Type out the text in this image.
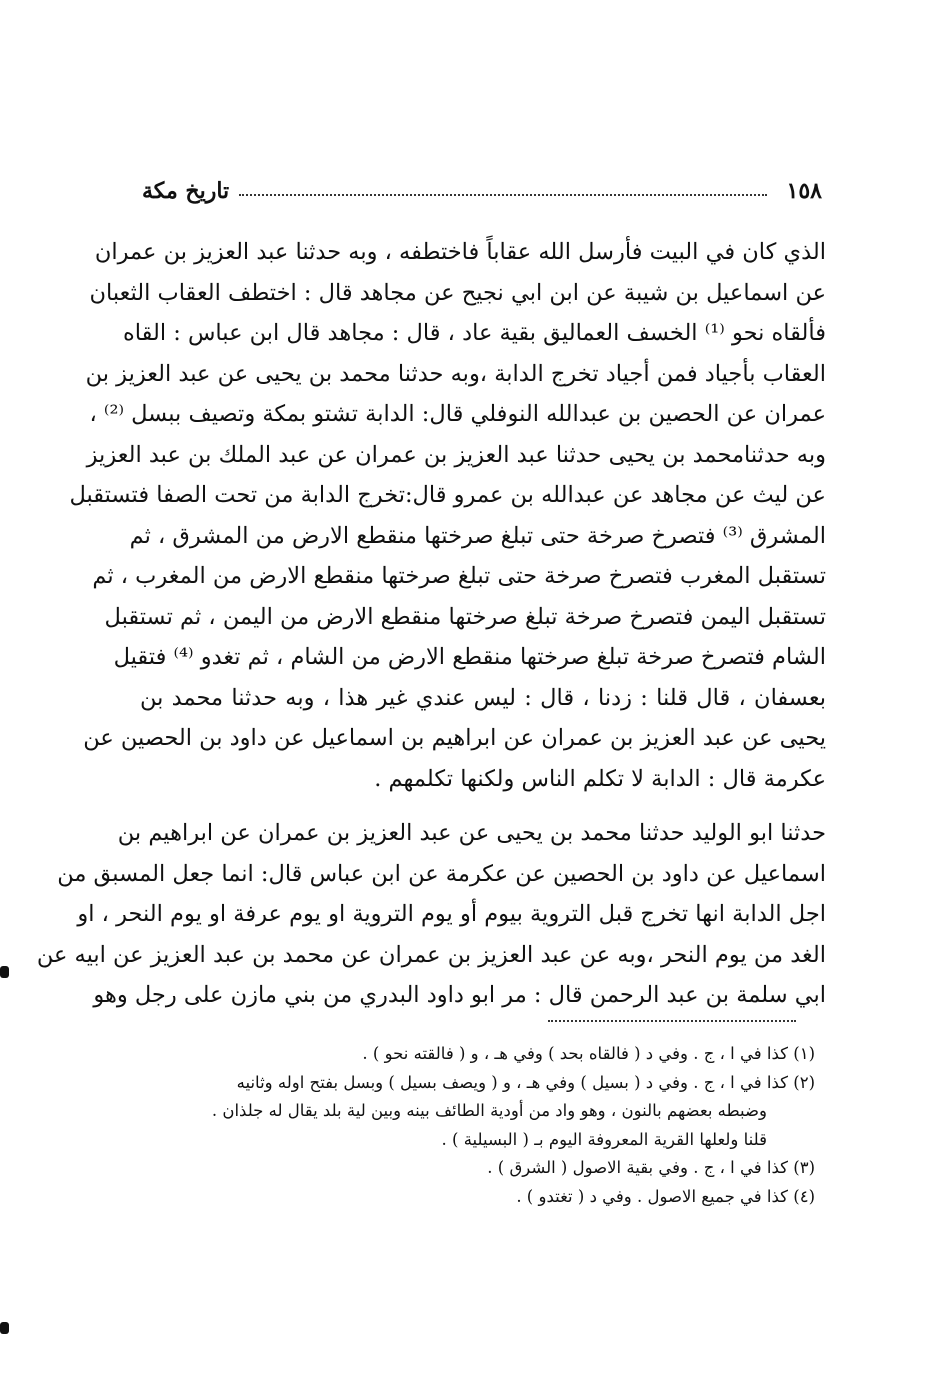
١٥٨
تاريخ مكة
الذي كان في البيت فأرسل الله عقاباً فاختطفه ، وبه حدثنا عبد العزيز بن عمران
عن اسماعيل بن شيبة عن ابن ابي نجيح عن مجاهد قال : اختطف العقاب الثعبان
فألقاه نحو ⁽¹⁾ الخسف العماليق بقية عاد ، قال : مجاهد قال ابن عباس : القاه
العقاب بأجياد فمن أجياد تخرج الدابة ،وبه حدثنا محمد بن يحيى عن عبد العزيز بن
عمران عن الحصين بن عبدالله النوفلي قال: الدابة تشتو بمكة وتصيف ببسل ⁽²⁾ ،
وبه حدثنامحمد بن يحيى حدثنا عبد العزيز بن عمران عن عبد الملك بن عبد العزيز
عن ليث عن مجاهد عن عبدالله بن عمرو قال:تخرج الدابة من تحت الصفا فتستقبل
المشرق ⁽³⁾ فتصرخ صرخة حتى تبلغ صرختها منقطع الارض من المشرق ، ثم
تستقبل المغرب فتصرخ صرخة حتى تبلغ صرختها منقطع الارض من المغرب ، ثم
تستقبل اليمن فتصرخ صرخة تبلغ صرختها منقطع الارض من اليمن ، ثم تستقبل
الشام فتصرخ صرخة تبلغ صرختها منقطع الارض من الشام ، ثم تغدو ⁽⁴⁾ فتقيل
بعسفان ، قال قلنا : زدنا ، قال : ليس عندي غير هذا ، وبه حدثنا محمد بن
يحيى عن عبد العزيز بن عمران عن ابراهيم بن اسماعيل عن داود بن الحصين عن
عكرمة قال : الدابة لا تكلم الناس ولكنها تكلمهم .
حدثنا ابو الوليد حدثنا محمد بن يحيى عن عبد العزيز بن عمران عن ابراهيم بن
اسماعيل عن داود بن الحصين عن عكرمة عن ابن عباس قال: انما جعل المسبق من
اجل الدابة انها تخرج قبل التروية بيوم أو يوم التروية او يوم عرفة او يوم النحر ، او
الغد من يوم النحر ،وبه عن عبد العزيز بن عمران عن محمد بن عبد العزيز عن ابيه عن
ابي سلمة بن عبد الرحمن قال : مر ابو داود البدري من بني مازن على رجل وهو
(١) كذا في ا ، ج . وفي د ( فالقاه بحد ) وفي هـ ، و ( فالقته نحو ) .
(٢) كذا في ا ، ج . وفي د ( بسيل ) وفي هـ ، و ( ويصف بسيل ) وبسل بفتح اوله وثانيه
وضبطه بعضهم بالنون ، وهو واد من أودية الطائف بينه وبين لية بلد يقال له جلذان .
قلنا ولعلها القرية المعروفة اليوم بـ ( البسيلية ) .
(٣) كذا في ا ، ج . وفي بقية الاصول ( الشرق ) .
(٤) كذا في جميع الاصول . وفي د ( تغتدو ) .
